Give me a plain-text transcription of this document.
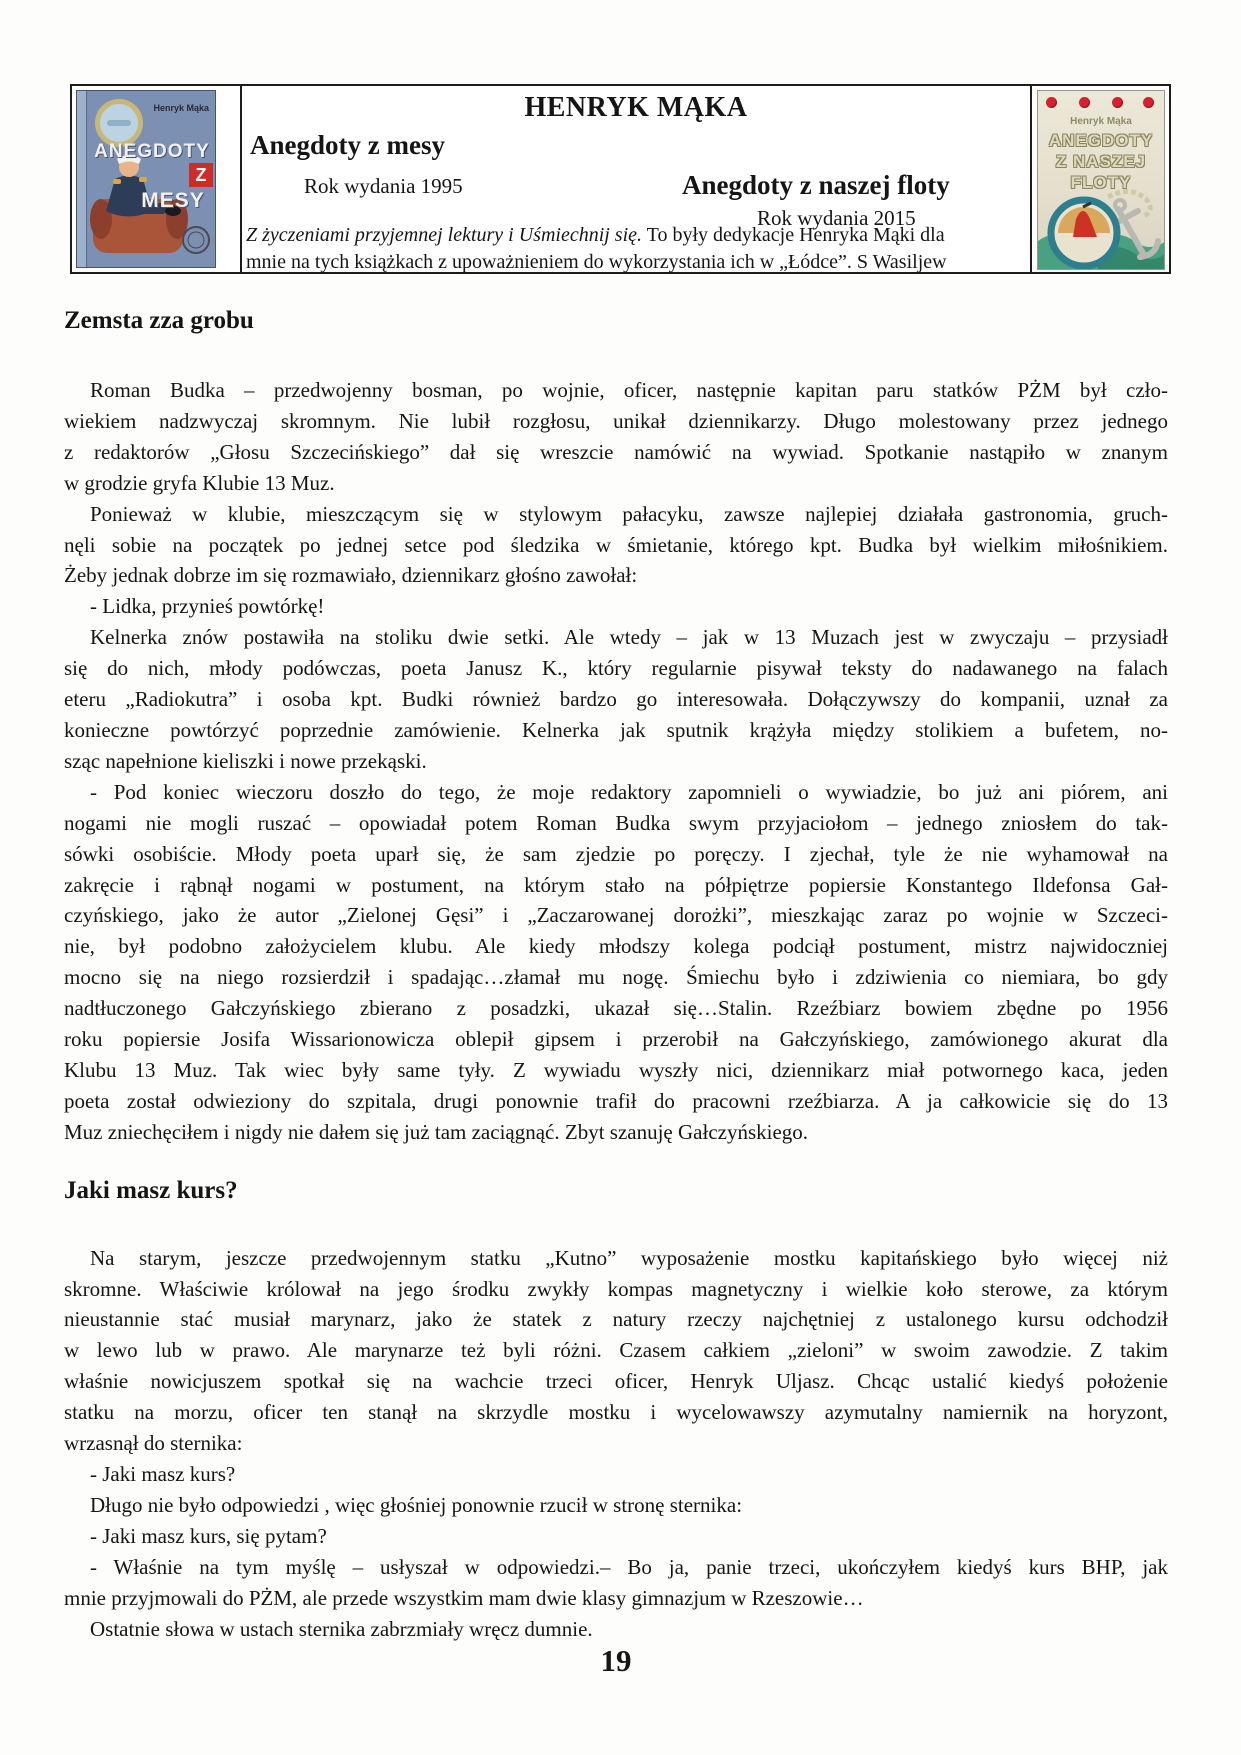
Henryk Mąka
ANEGDOTY
Z
MESY
HENRYK MĄKA
Anegdoty z mesy
Rok wydania 1995	Anegdoty z naszej floty
Rok wydania 2015
Z życzeniami przyjemnej lektury i Uśmiechnij się. To były dedykacje Henryka Mąki dla
mnie na tych książkach z upoważnieniem do wykorzystania ich w „Łódce”. S Wasiljew
Henryk Mąka
ANEGDOTY
Z NASZEJ
FLOTY
Zemsta zza grobu
Roman Budka – przedwojenny bosman, po wojnie, oficer, następnie kapitan paru statków PŻM był czło-
wiekiem nadzwyczaj skromnym. Nie lubił rozgłosu, unikał dziennikarzy. Długo molestowany przez jednego
z redaktorów „Głosu Szczecińskiego” dał się wreszcie namówić na wywiad. Spotkanie nastąpiło w znanym
w grodzie gryfa Klubie 13 Muz.
Ponieważ w klubie, mieszczącym się w stylowym pałacyku, zawsze najlepiej działała gastronomia, gruch-
nęli sobie na początek po jednej setce pod śledzika w śmietanie, którego kpt. Budka był wielkim miłośnikiem.
Żeby jednak dobrze im się rozmawiało, dziennikarz głośno zawołał:
- Lidka, przynieś powtórkę!
Kelnerka znów postawiła na stoliku dwie setki. Ale wtedy – jak w 13 Muzach jest w zwyczaju – przysiadł
się do nich, młody podówczas, poeta Janusz K., który regularnie pisywał teksty do nadawanego na falach
eteru „Radiokutra” i osoba kpt. Budki również bardzo go interesowała. Dołączywszy do kompanii, uznał za
konieczne powtórzyć poprzednie zamówienie. Kelnerka jak sputnik krążyła między stolikiem a bufetem, no-
sząc napełnione kieliszki i nowe przekąski.
- Pod koniec wieczoru doszło do tego, że moje redaktory zapomnieli o wywiadzie, bo już ani piórem, ani
nogami nie mogli ruszać – opowiadał potem Roman Budka swym przyjaciołom – jednego zniosłem do tak-
sówki osobiście. Młody poeta uparł się, że sam zjedzie po poręczy. I zjechał, tyle że nie wyhamował na
zakręcie i rąbnął nogami w postument, na którym stało na półpiętrze popiersie Konstantego Ildefonsa Gał-
czyńskiego, jako że autor „Zielonej Gęsi” i „Zaczarowanej dorożki”, mieszkając zaraz po wojnie w Szczeci-
nie, był podobno założycielem klubu. Ale kiedy młodszy kolega podciął postument, mistrz najwidoczniej
mocno się na niego rozsierdził i spadając…złamał mu nogę. Śmiechu było i zdziwienia co niemiara, bo gdy
nadtłuczonego Gałczyńskiego zbierano z posadzki, ukazał się…Stalin. Rzeźbiarz bowiem zbędne po 1956
roku popiersie Josifa Wissarionowicza oblepił gipsem i przerobił na Gałczyńskiego, zamówionego akurat dla
Klubu 13 Muz. Tak wiec były same tyły. Z wywiadu wyszły nici, dziennikarz miał potwornego kaca, jeden
poeta został odwieziony do szpitala, drugi ponownie trafił do pracowni rzeźbiarza. A ja całkowicie się do 13
Muz zniechęciłem i nigdy nie dałem się już tam zaciągnąć. Zbyt szanuję Gałczyńskiego.
Jaki masz kurs?
Na starym, jeszcze przedwojennym statku „Kutno” wyposażenie mostku kapitańskiego było więcej niż
skromne. Właściwie królował na jego środku zwykły kompas magnetyczny i wielkie koło sterowe, za którym
nieustannie stać musiał marynarz, jako że statek z natury rzeczy najchętniej z ustalonego kursu odchodził
w lewo lub w prawo. Ale marynarze też byli różni. Czasem całkiem „zieloni” w swoim zawodzie. Z takim
właśnie nowicjuszem spotkał się na wachcie trzeci oficer, Henryk Uljasz. Chcąc ustalić kiedyś położenie
statku na morzu, oficer ten stanął na skrzydle mostku i wycelowawszy azymutalny namiernik na horyzont,
wrzasnął do sternika:
- Jaki masz kurs?
Długo nie było odpowiedzi , więc głośniej ponownie rzucił w stronę sternika:
- Jaki masz kurs, się pytam?
- Właśnie na tym myślę – usłyszał w odpowiedzi.– Bo ja, panie trzeci, ukończyłem kiedyś kurs BHP, jak
mnie przyjmowali do PŻM, ale przede wszystkim mam dwie klasy gimnazjum w Rzeszowie…
Ostatnie słowa w ustach sternika zabrzmiały wręcz dumnie.
19
